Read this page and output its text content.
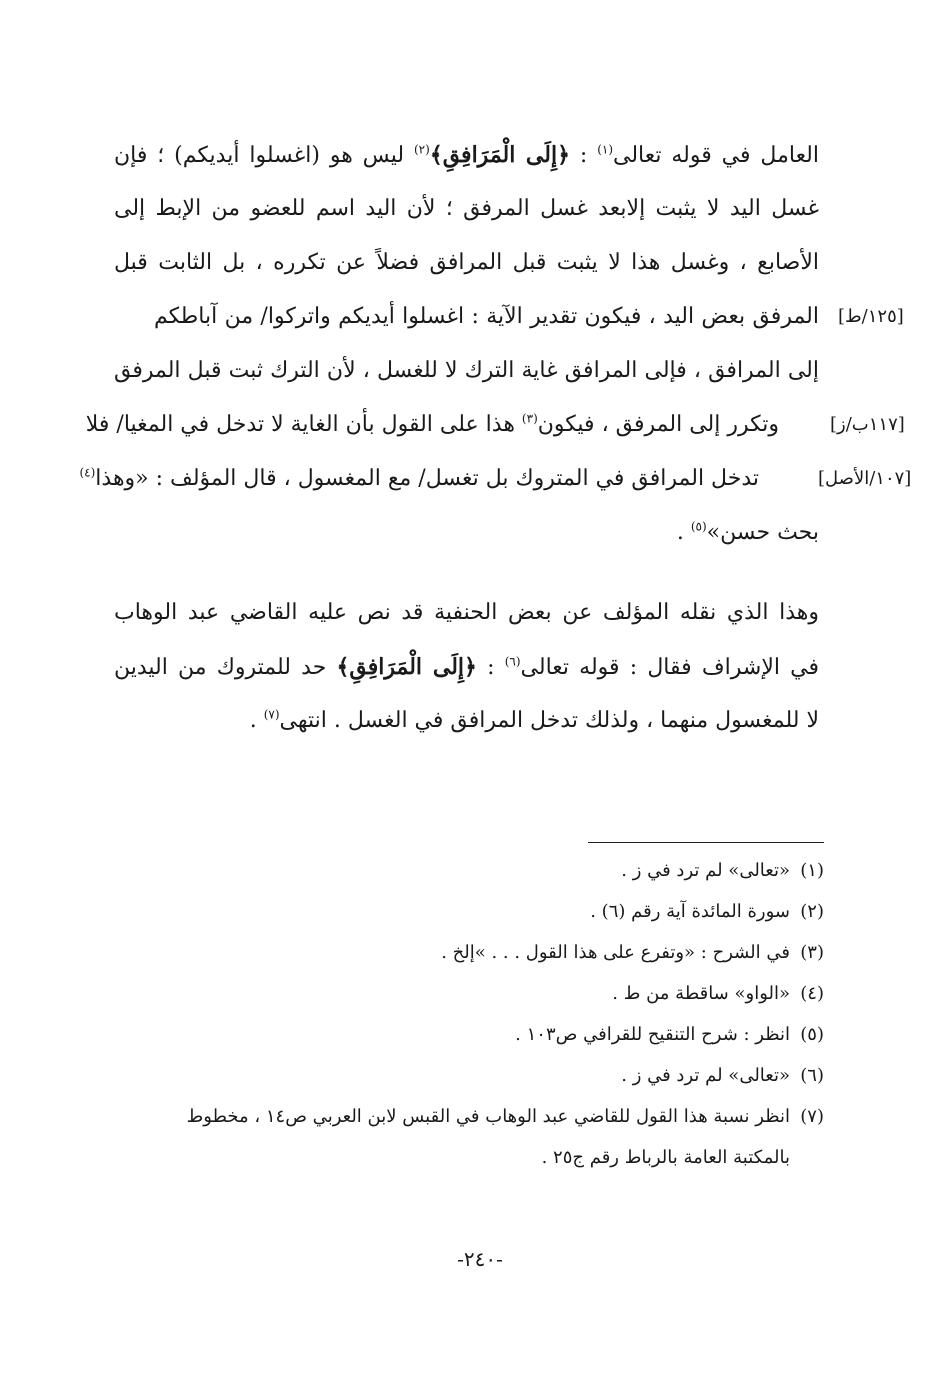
العامل في قوله تعالى$^{(١)}$ : ﴿إِلَى الْمَرَافِقِ﴾$^{(٢)}$ ليس هو (اغسلوا أيديكم) ؛ فإن
غسل اليد لا يثبت إلابعد غسل المرفق ؛ لأن اليد اسم للعضو من الإبط إلى
الأصابع ، وغسل هذا لا يثبت قبل المرافق فضلاً عن تكرره ، بل الثابت قبل
المرفق بعض اليد ، فيكون تقدير الآية : اغسلوا أيديكم واتركوا/ من آباطكم
إلى المرافق ، فإلى المرافق غاية الترك لا للغسل ، لأن الترك ثبت قبل المرفق
وتكرر إلى المرفق ، فيكون$^{(٣)}$ هذا على القول بأن الغاية لا تدخل في المغيا/ فلا
تدخل المرافق في المتروك بل تغسل/ مع المغسول ، قال المؤلف : «وهذا$^{(٤)}$
بحث حسن»$^{(٥)}$ .
[١٢٥/ط]
[١١٧ب/ز]
[١٠٧/الأصل]
وهذا الذي نقله المؤلف عن بعض الحنفية قد نص عليه القاضي عبد الوهاب
في الإشراف فقال : قوله تعالى$^{(٦)}$ : ﴿إِلَى الْمَرَافِقِ﴾ حد للمتروك من اليدين
لا للمغسول منهما ، ولذلك تدخل المرافق في الغسل . انتهى$^{(٧)}$ .
(١)«تعالى» لم ترد في ز .
(٢)سورة المائدة آية رقم (٦) .
(٣)في الشرح : «وتفرع على هذا القول . . . »إلخ .
(٤)«الواو» ساقطة من ط .
(٥)انظر : شرح التنقيح للقرافي ص١٠٣ .
(٦)«تعالى» لم ترد في ز .
(٧)انظر نسبة هذا القول للقاضي عبد الوهاب في القبس لابن العربي ص١٤ ، مخطوط
بالمكتبة العامة بالرباط رقم ج٢٥ .
-٢٤٠-
